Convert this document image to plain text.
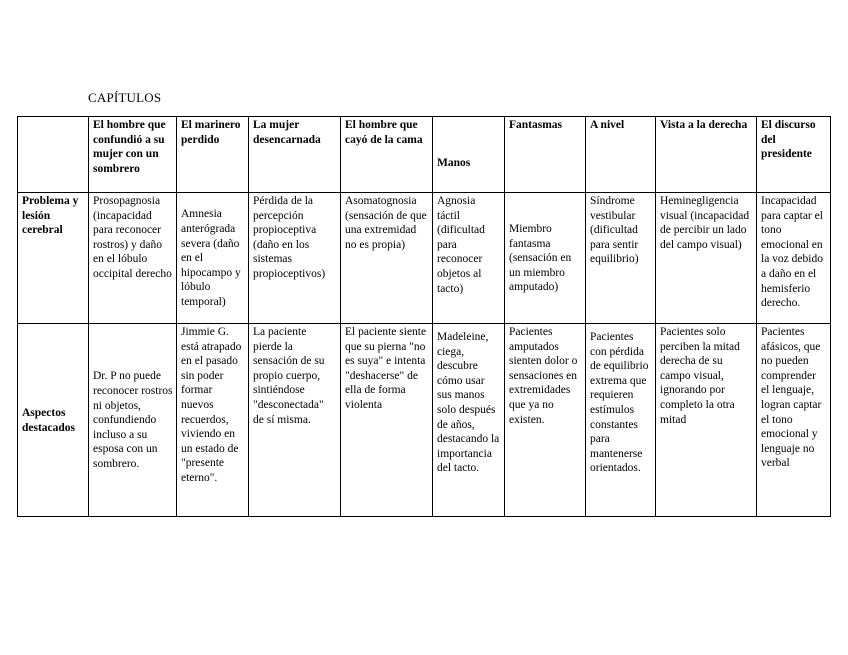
CAPÍTULOS
	El hombre que confundió a su mujer con un sombrero	El marinero perdido	La mujer desencarnada	El hombre que cayó de la cama	Manos	Fantasmas	A nivel	Vista a la derecha	El discurso del presidente
Problema y lesión cerebral	Prosopagnosia (incapacidad para reconocer rostros) y daño en el lóbulo occipital derecho	Amnesia anterógrada severa (daño en el hipocampo y lóbulo temporal)	Pérdida de la percepción propioceptiva (daño en los sistemas propioceptivos)	Asomatognosia (sensación de que una extremidad no es propia)	Agnosia táctil (dificultad para reconocer objetos al tacto)	Miembro fantasma (sensación en un miembro amputado)	Síndrome vestibular (dificultad para sentir equilibrio)	Heminegligencia visual (incapacidad de percibir un lado del campo visual)	Incapacidad para captar el tono emocional en la voz debido a daño en el hemisferio derecho.
Aspectos destacados	Dr. P no puede reconocer rostros ni objetos, confundiendo incluso a su esposa con un sombrero.	Jimmie G. está atrapado en el pasado sin poder formar nuevos recuerdos, viviendo en un estado de "presente eterno".	La paciente pierde la sensación de su propio cuerpo, sintiéndose "desconectada" de sí misma.	El paciente siente que su pierna "no es suya" e intenta "deshacerse" de ella de forma violenta	Madeleine, ciega, descubre cómo usar sus manos solo después de años, destacando la importancia del tacto.	Pacientes amputados sienten dolor o sensaciones en extremidades que ya no existen.	Pacientes con pérdida de equilibrio extrema que requieren estímulos constantes para mantenerse orientados.	Pacientes solo perciben la mitad derecha de su campo visual, ignorando por completo la otra mitad	Pacientes afásicos, que no pueden comprender el lenguaje, logran captar el tono emocional y lenguaje no verbal
